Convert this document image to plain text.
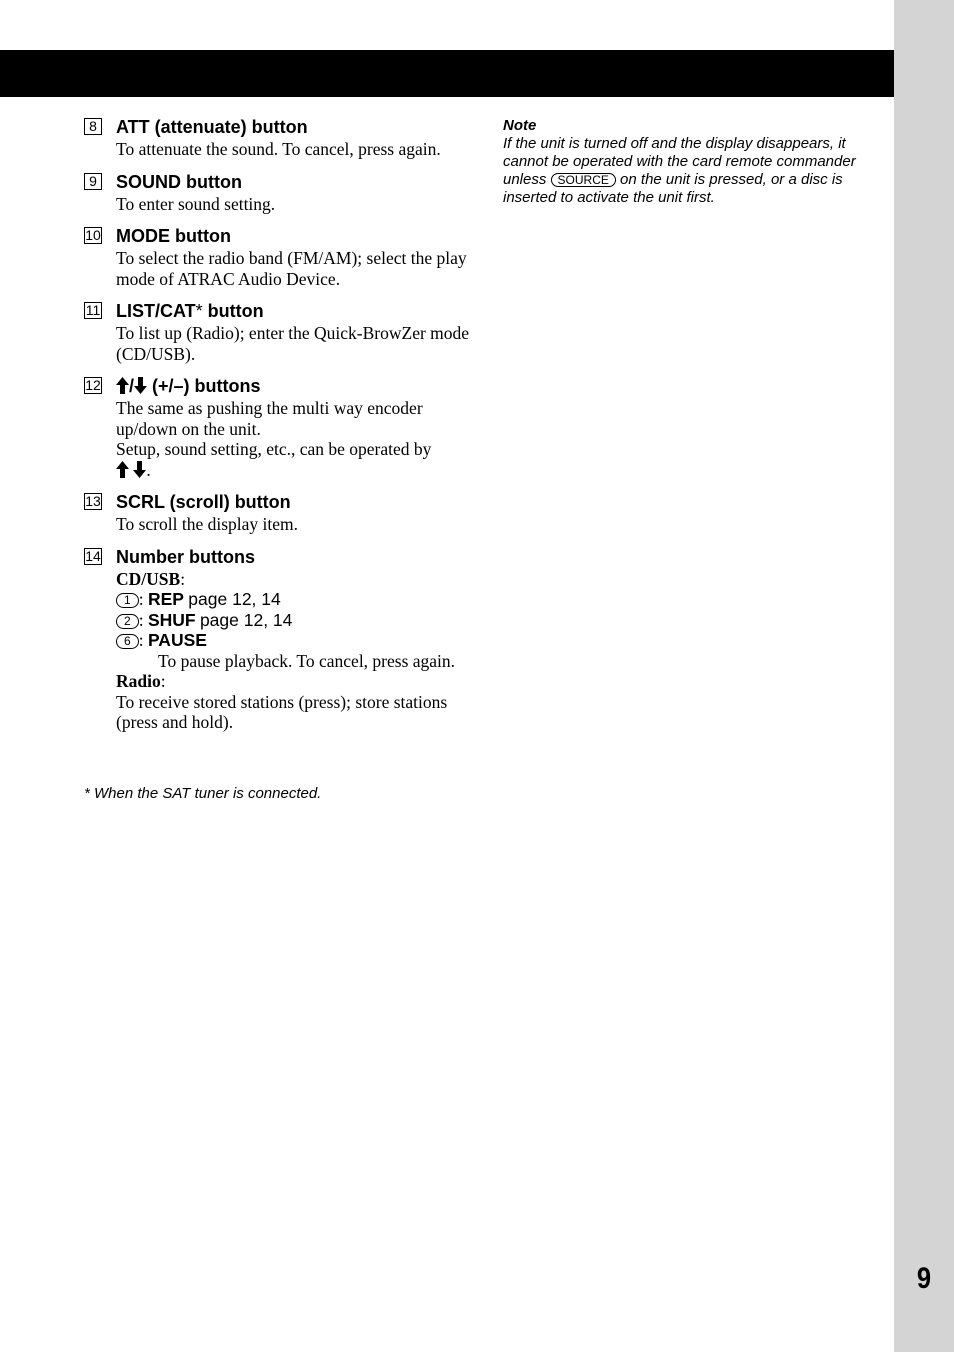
9
8 ATT (attenuate) button
To attenuate the sound. To cancel, press again.
9 SOUND button
To enter sound setting.
10 MODE button
To select the radio band (FM/AM); select the play mode of ATRAC Audio Device.
11 LIST/CAT* button
To list up (Radio); enter the Quick-BrowZer mode (CD/USB).
12	/ (+/–) buttons
The same as pushing the multi way encoder up/down on the unit.
Setup, sound setting, etc., can be operated by
.
13 SCRL (scroll) button
To scroll the display item.
14 Number buttons
CD/USB:
1 : REP page 12, 14
2 : SHUF page 12, 14
6 : PAUSE
To pause playback. To cancel, press again.
Radio:
To receive stored stations (press); store stations (press and hold).
* When the SAT tuner is connected.
Note
If the unit is turned off and the display disappears, it cannot be operated with the card remote commander unless SOURCE on the unit is pressed, or a disc is inserted to activate the unit first.
